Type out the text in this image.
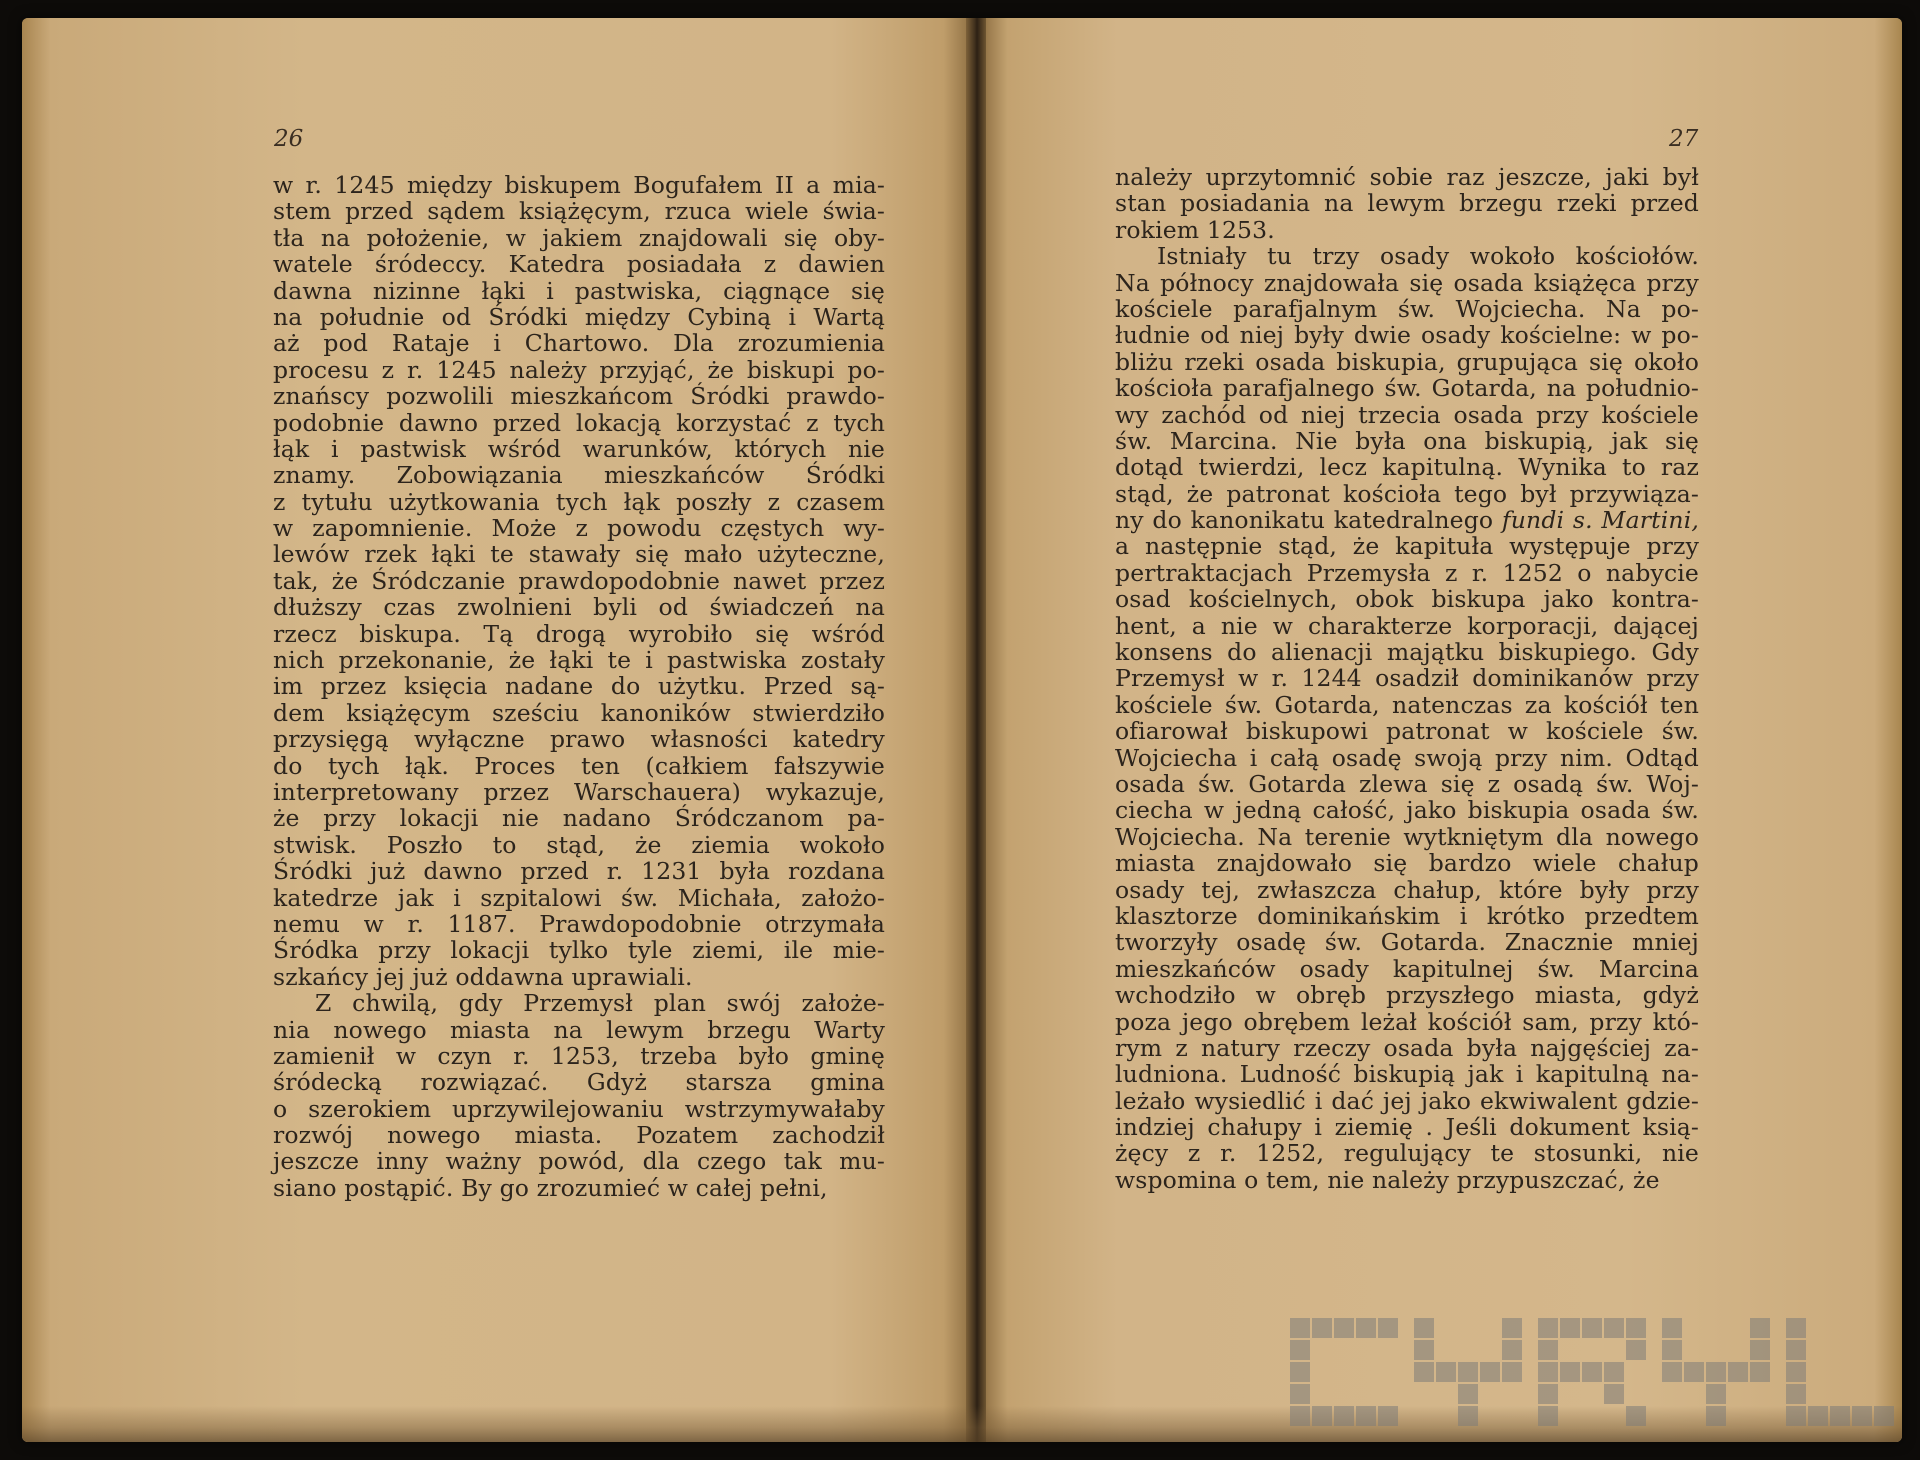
26
w r. 1245 między biskupem Bogufałem II a mia-
stem przed sądem książęcym, rzuca wiele świa-
tła na położenie, w jakiem znajdowali się oby-
watele śródeccy. Katedra posiadała z dawien
dawna nizinne łąki i pastwiska, ciągnące się
na południe od Śródki między Cybiną i Wartą
aż pod Rataje i Chartowo. Dla zrozumienia
procesu z r. 1245 należy przyjąć, że biskupi po-
znańscy pozwolili mieszkańcom Śródki prawdo-
podobnie dawno przed lokacją korzystać z tych
łąk i pastwisk wśród warunków, których nie
znamy. Zobowiązania mieszkańców Śródki
z tytułu użytkowania tych łąk poszły z czasem
w zapomnienie. Może z powodu częstych wy-
lewów rzek łąki te stawały się mało użyteczne,
tak, że Śródczanie prawdopodobnie nawet przez
dłuższy czas zwolnieni byli od świadczeń na
rzecz biskupa. Tą drogą wyrobiło się wśród
nich przekonanie, że łąki te i pastwiska zostały
im przez księcia nadane do użytku. Przed są-
dem książęcym sześciu kanoników stwierdziło
przysięgą wyłączne prawo własności katedry
do tych łąk. Proces ten (całkiem fałszywie
interpretowany przez Warschauera) wykazuje,
że przy lokacji nie nadano Śródczanom pa-
stwisk. Poszło to stąd, że ziemia wokoło
Śródki już dawno przed r. 1231 była rozdana
katedrze jak i szpitalowi św. Michała, założo-
nemu w r. 1187. Prawdopodobnie otrzymała
Śródka przy lokacji tylko tyle ziemi, ile mie-
szkańcy jej już oddawna uprawiali.
Z chwilą, gdy Przemysł plan swój założe-
nia nowego miasta na lewym brzegu Warty
zamienił w czyn r. 1253, trzeba było gminę
śródecką rozwiązać. Gdyż starsza gmina
o szerokiem uprzywilejowaniu wstrzymywałaby
rozwój nowego miasta. Pozatem zachodził
jeszcze inny ważny powód, dla czego tak mu-
siano postąpić. By go zrozumieć w całej pełni,
27
należy uprzytomnić sobie raz jeszcze, jaki był
stan posiadania na lewym brzegu rzeki przed
rokiem 1253.
Istniały tu trzy osady wokoło kościołów.
Na północy znajdowała się osada książęca przy
kościele parafjalnym św. Wojciecha. Na po-
łudnie od niej były dwie osady kościelne: w po-
bliżu rzeki osada biskupia, grupująca się około
kościoła parafjalnego św. Gotarda, na południo-
wy zachód od niej trzecia osada przy kościele
św. Marcina. Nie była ona biskupią, jak się
dotąd twierdzi, lecz kapitulną. Wynika to raz
stąd, że patronat kościoła tego był przywiąza-
ny do kanonikatu katedralnego fundi s. Martini,
a następnie stąd, że kapituła występuje przy
pertraktacjach Przemysła z r. 1252 o nabycie
osad kościelnych, obok biskupa jako kontra-
hent, a nie w charakterze korporacji, dającej
konsens do alienacji majątku biskupiego. Gdy
Przemysł w r. 1244 osadził dominikanów przy
kościele św. Gotarda, natenczas za kościół ten
ofiarował biskupowi patronat w kościele św.
Wojciecha i całą osadę swoją przy nim. Odtąd
osada św. Gotarda zlewa się z osadą św. Woj-
ciecha w jedną całość, jako biskupia osada św.
Wojciecha. Na terenie wytkniętym dla nowego
miasta znajdowało się bardzo wiele chałup
osady tej, zwłaszcza chałup, które były przy
klasztorze dominikańskim i krótko przedtem
tworzyły osadę św. Gotarda. Znacznie mniej
mieszkańców osady kapitulnej św. Marcina
wchodziło w obręb przyszłego miasta, gdyż
poza jego obrębem leżał kościół sam, przy któ-
rym z natury rzeczy osada była najgęściej za-
ludniona. Ludność biskupią jak i kapitulną na-
leżało wysiedlić i dać jej jako ekwiwalent gdzie-
indziej chałupy i ziemię . Jeśli dokument ksią-
żęcy z r. 1252, regulujący te stosunki, nie
wspomina o tem, nie należy przypuszczać, że
